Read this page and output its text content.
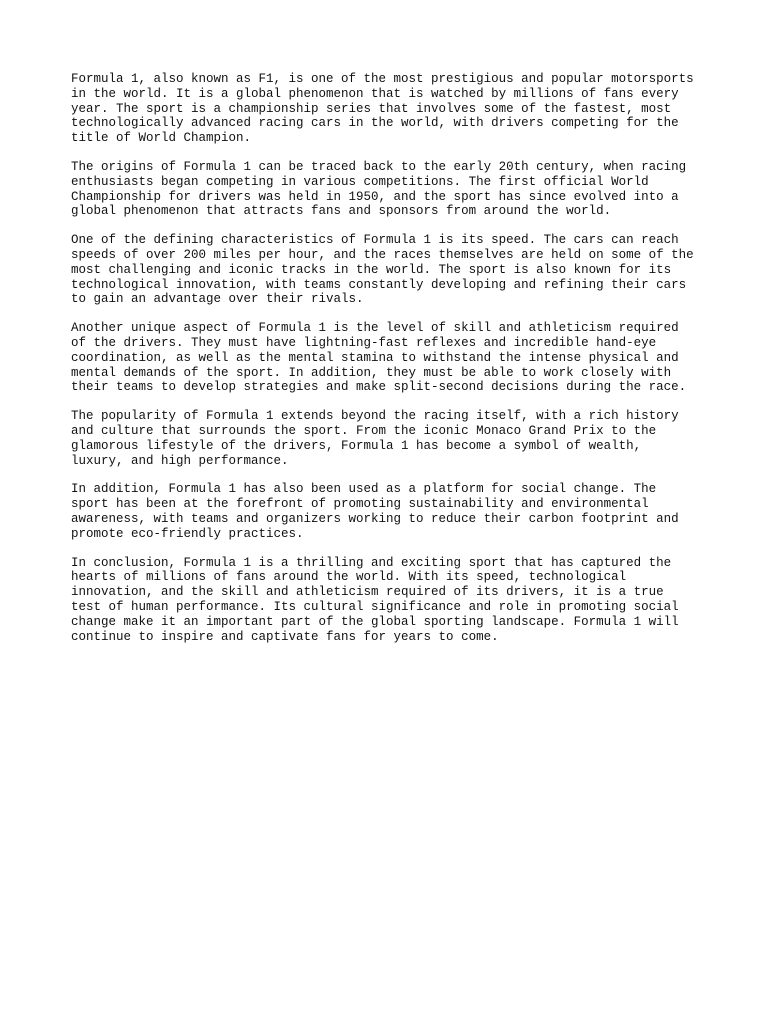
Formula 1, also known as F1, is one of the most prestigious and popular motorsports
in the world. It is a global phenomenon that is watched by millions of fans every
year. The sport is a championship series that involves some of the fastest, most
technologically advanced racing cars in the world, with drivers competing for the
title of World Champion.

The origins of Formula 1 can be traced back to the early 20th century, when racing
enthusiasts began competing in various competitions. The first official World
Championship for drivers was held in 1950, and the sport has since evolved into a
global phenomenon that attracts fans and sponsors from around the world.

One of the defining characteristics of Formula 1 is its speed. The cars can reach
speeds of over 200 miles per hour, and the races themselves are held on some of the
most challenging and iconic tracks in the world. The sport is also known for its
technological innovation, with teams constantly developing and refining their cars
to gain an advantage over their rivals.

Another unique aspect of Formula 1 is the level of skill and athleticism required
of the drivers. They must have lightning-fast reflexes and incredible hand-eye
coordination, as well as the mental stamina to withstand the intense physical and
mental demands of the sport. In addition, they must be able to work closely with
their teams to develop strategies and make split-second decisions during the race.

The popularity of Formula 1 extends beyond the racing itself, with a rich history
and culture that surrounds the sport. From the iconic Monaco Grand Prix to the
glamorous lifestyle of the drivers, Formula 1 has become a symbol of wealth,
luxury, and high performance.

In addition, Formula 1 has also been used as a platform for social change. The
sport has been at the forefront of promoting sustainability and environmental
awareness, with teams and organizers working to reduce their carbon footprint and
promote eco-friendly practices.

In conclusion, Formula 1 is a thrilling and exciting sport that has captured the
hearts of millions of fans around the world. With its speed, technological
innovation, and the skill and athleticism required of its drivers, it is a true
test of human performance. Its cultural significance and role in promoting social
change make it an important part of the global sporting landscape. Formula 1 will
continue to inspire and captivate fans for years to come.
